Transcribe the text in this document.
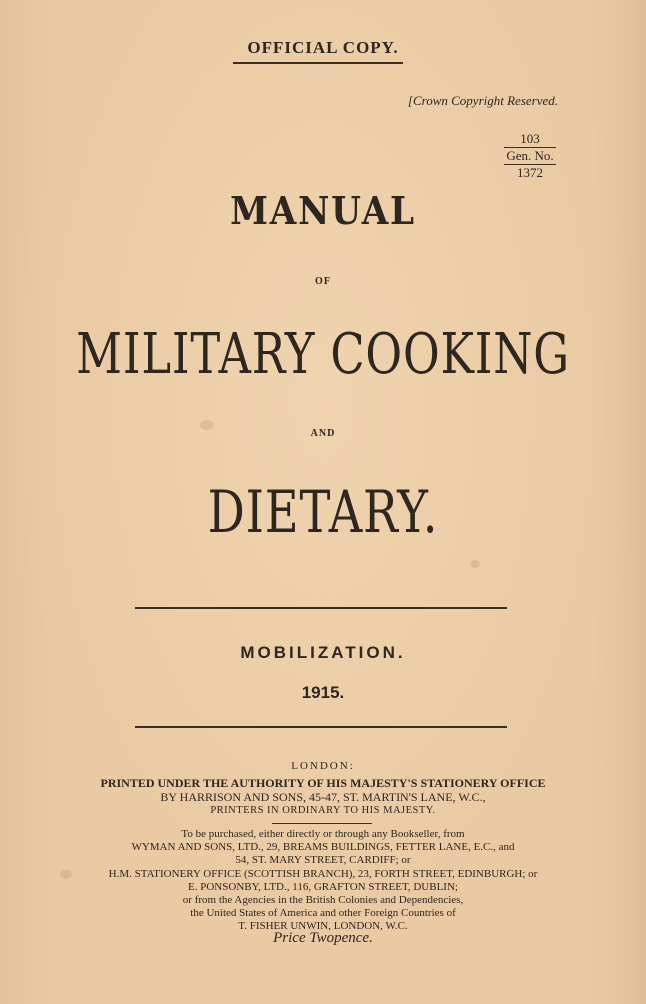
OFFICIAL COPY.
[Crown Copyright Reserved.
103
Gen. No.
1372
MANUAL
OF
MILITARY COOKING
AND
DIETARY.
MOBILIZATION.
1915.
LONDON:
PRINTED UNDER THE AUTHORITY OF HIS MAJESTY'S STATIONERY OFFICE
BY HARRISON AND SONS, 45-47, ST. MARTIN'S LANE, W.C.,
PRINTERS IN ORDINARY TO HIS MAJESTY.
To be purchased, either directly or through any Bookseller, from
WYMAN AND SONS, LTD., 29, BREAMS BUILDINGS, FETTER LANE, E.C., and
54, ST. MARY STREET, CARDIFF; or
H.M. STATIONERY OFFICE (SCOTTISH BRANCH), 23, FORTH STREET, EDINBURGH; or
E. PONSONBY, LTD., 116, GRAFTON STREET, DUBLIN;
or from the Agencies in the British Colonies and Dependencies,
the United States of America and other Foreign Countries of
T. FISHER UNWIN, LONDON, W.C.
Price Twopence.
